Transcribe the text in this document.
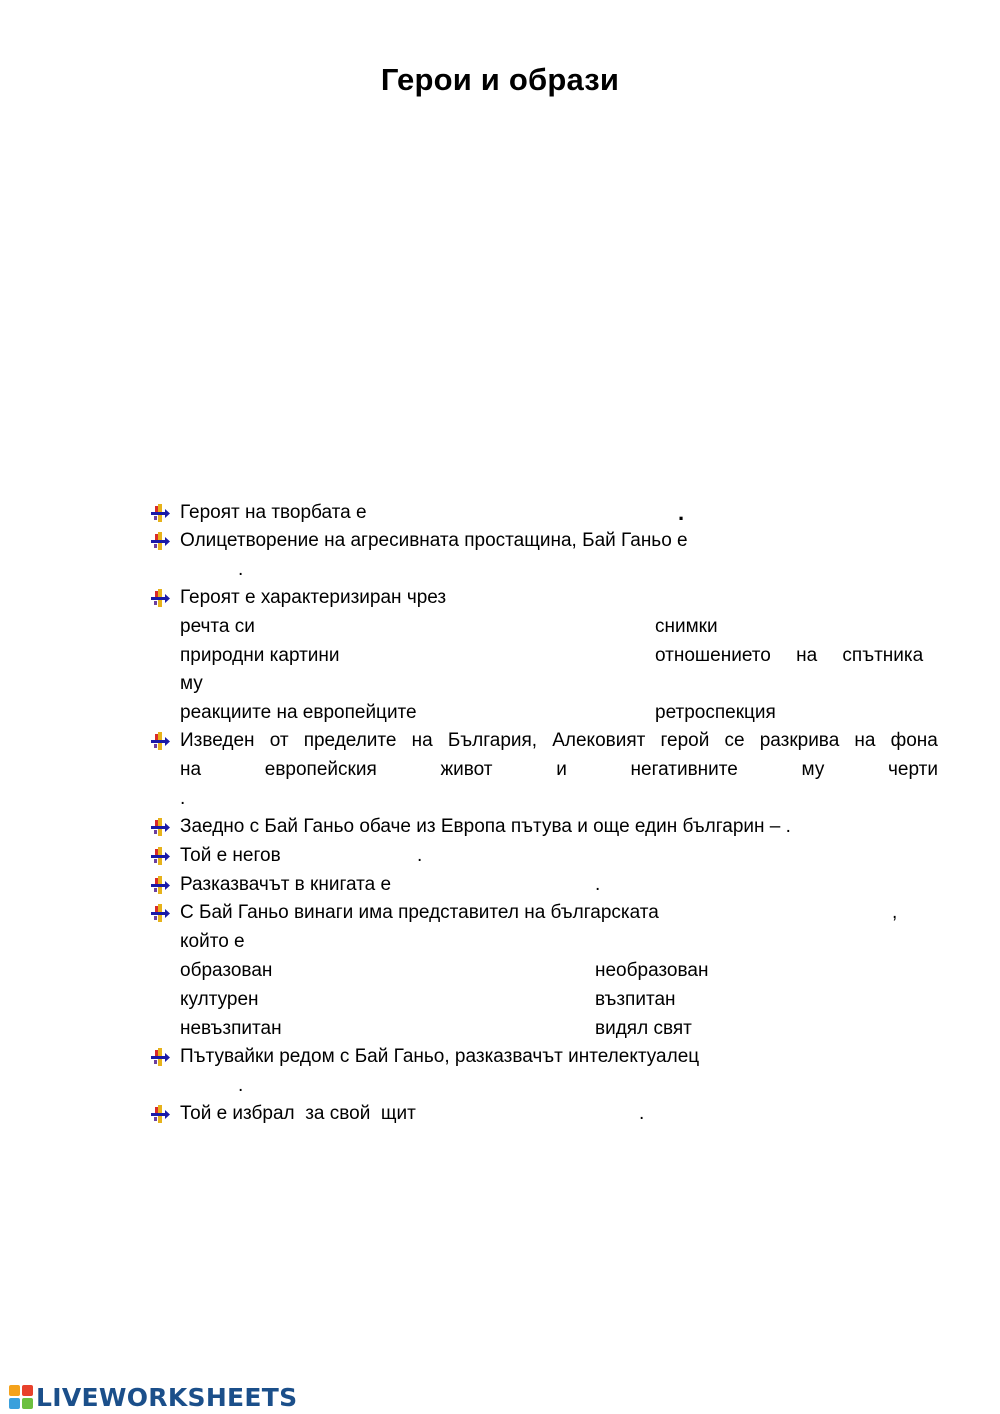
Герои и образи
Героят на творбата е	.
Олицетворение на агресивната простащина, Бай Ганьо е
.
Героят е характеризиран чрез
речта си	снимки
природни картини	отношението на спътника
му
реакциите на европейците	ретроспекция
Изведен от пределите на България, Алековият герой се разкрива на фона
на	европейския	живот	и	негативните	му	черти
.
Заедно с Бай Ганьо обаче из Европа пътува и още един българин – .
Той е негов	.
Разказвачът в книгата е	.
С Бай Ганьо винаги има представител на българската	,
който е
образован	необразован
културен	възпитан
невъзпитан	видял свят
Пътувайки редом с Бай Ганьо, разказвачът интелектуалец
.
Той е избрал  за свой  щит	.
LIVEWORKSHEETS
